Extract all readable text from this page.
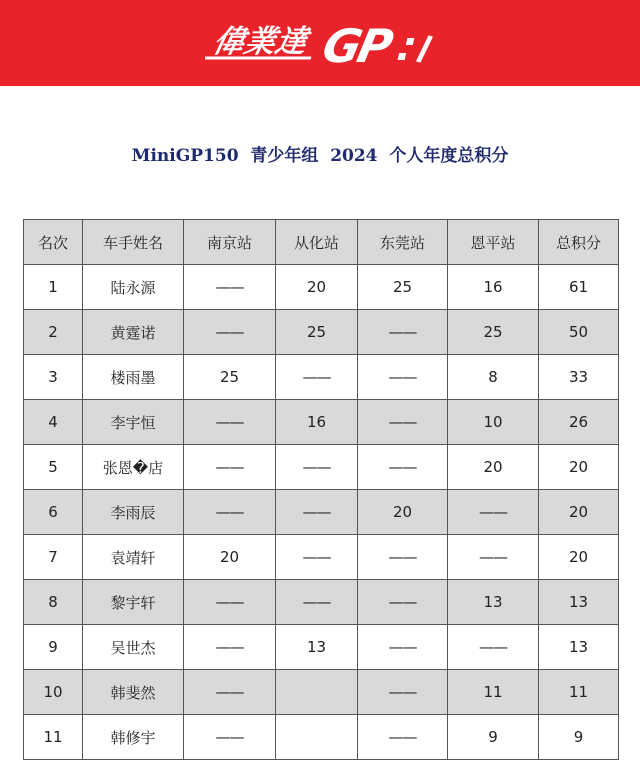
偉業達 GP
MiniGP150  青少年组  2024  个人年度总积分
名次	车手姓名	南京站	从化站	东莞站	恩平站	总积分
1	陆永源	——	20	25	16	61
2	黄霆诺	——	25	——	25	50
3	楼雨墨	25	——	——	8	33
4	李宇恒	——	16	——	10	26
5	张恩�店	——	——	——	20	20
6	李雨辰	——	——	20	——	20
7	袁靖轩	20	——	——	——	20
8	黎宇轩	——	——	——	13	13
9	吴世杰	——	13	——	——	13
10	韩斐然	——		——	11	11
11	韩修宇	——		——	9	9
